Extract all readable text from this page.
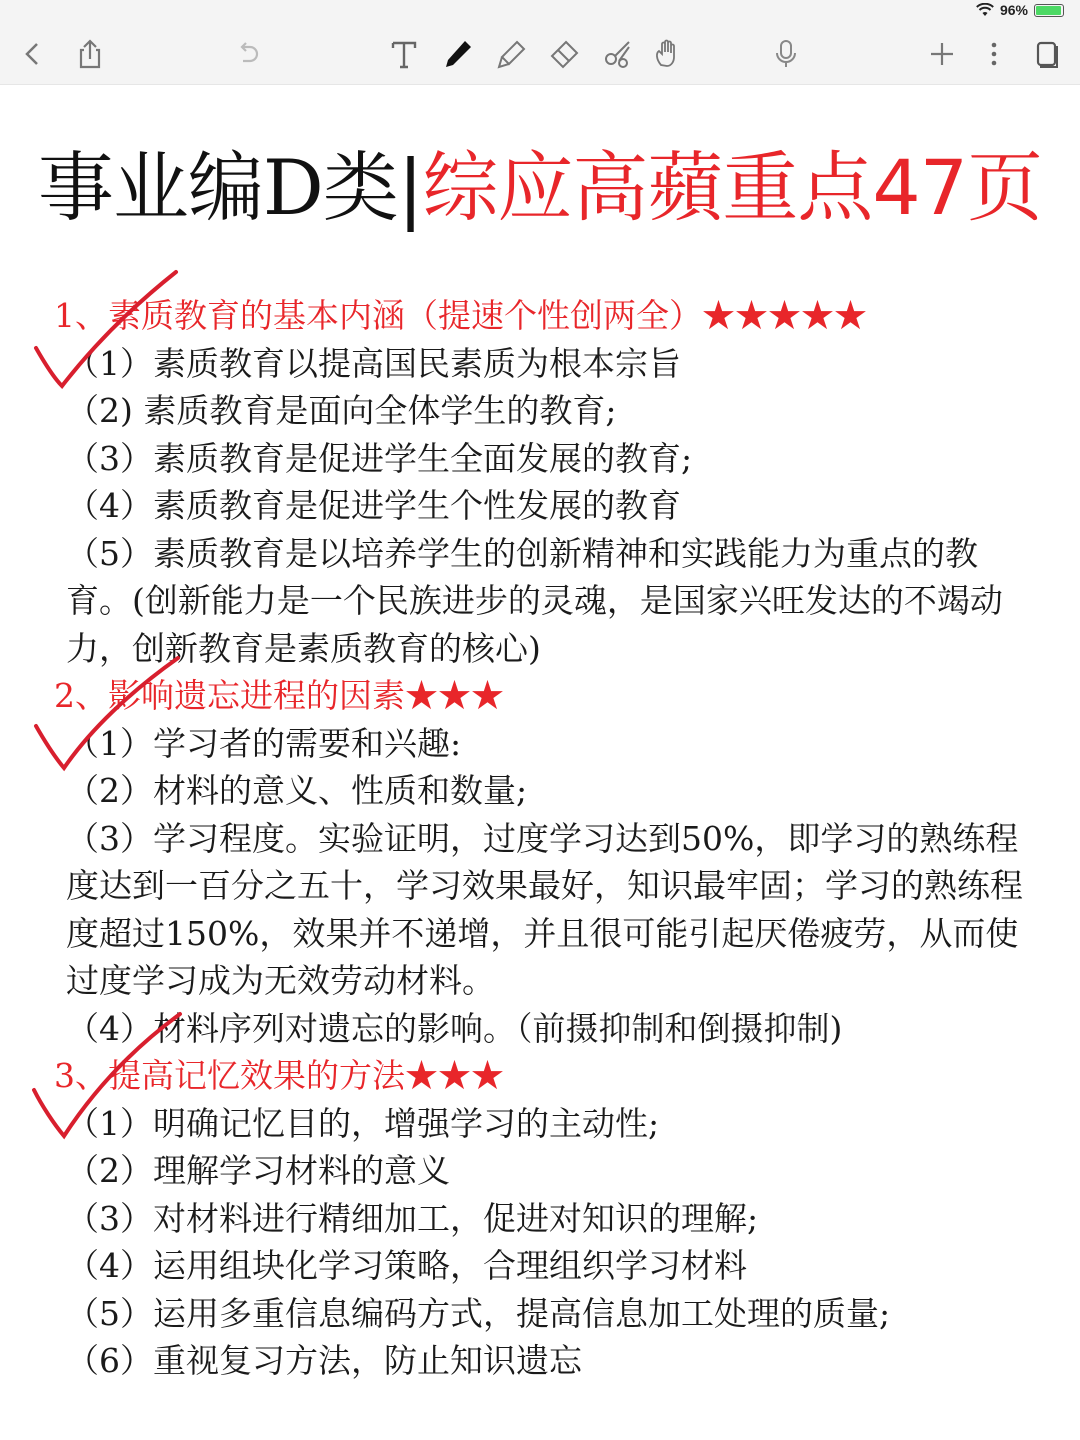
96%
事业编D类|综应高蘋重点47页

1、素质教育的基本内涵（提速个性创两全）★★★★★

（1）素质教育以提高国民素质为根本宗旨

（2) 素质教育是面向全体学生的教育;

（3）素质教育是促进学生全面发展的教育;

（4）素质教育是促进学生个性发展的教育

（5）素质教育是以培养学生的创新精神和实践能力为重点的教育。(创新能力是一个民族进步的灵魂，是国家兴旺发达的不竭动力，创新教育是素质教育的核心)

2、影响遗忘进程的因素★★★

（1）学习者的需要和兴趣:

（2）材料的意义、性质和数量;

（3）学习程度。实验证明，过度学习达到50%，即学习的熟练程度达到一百分之五十，学习效果最好，知识最牢固；学习的熟练程度超过150%，效果并不递增，并且很可能引起厌倦疲劳，从而使过度学习成为无效劳动材料。

（4）材料序列对遗忘的影响。（前摄抑制和倒摄抑制)

3、提高记忆效果的方法★★★

（1）明确记忆目的，增强学习的主动性;

（2）理解学习材料的意义

（3）对材料进行精细加工，促进对知识的理解;

（4）运用组块化学习策略，合理组织学习材料

（5）运用多重信息编码方式，提高信息加工处理的质量;

（6）重视复习方法，防止知识遗忘
